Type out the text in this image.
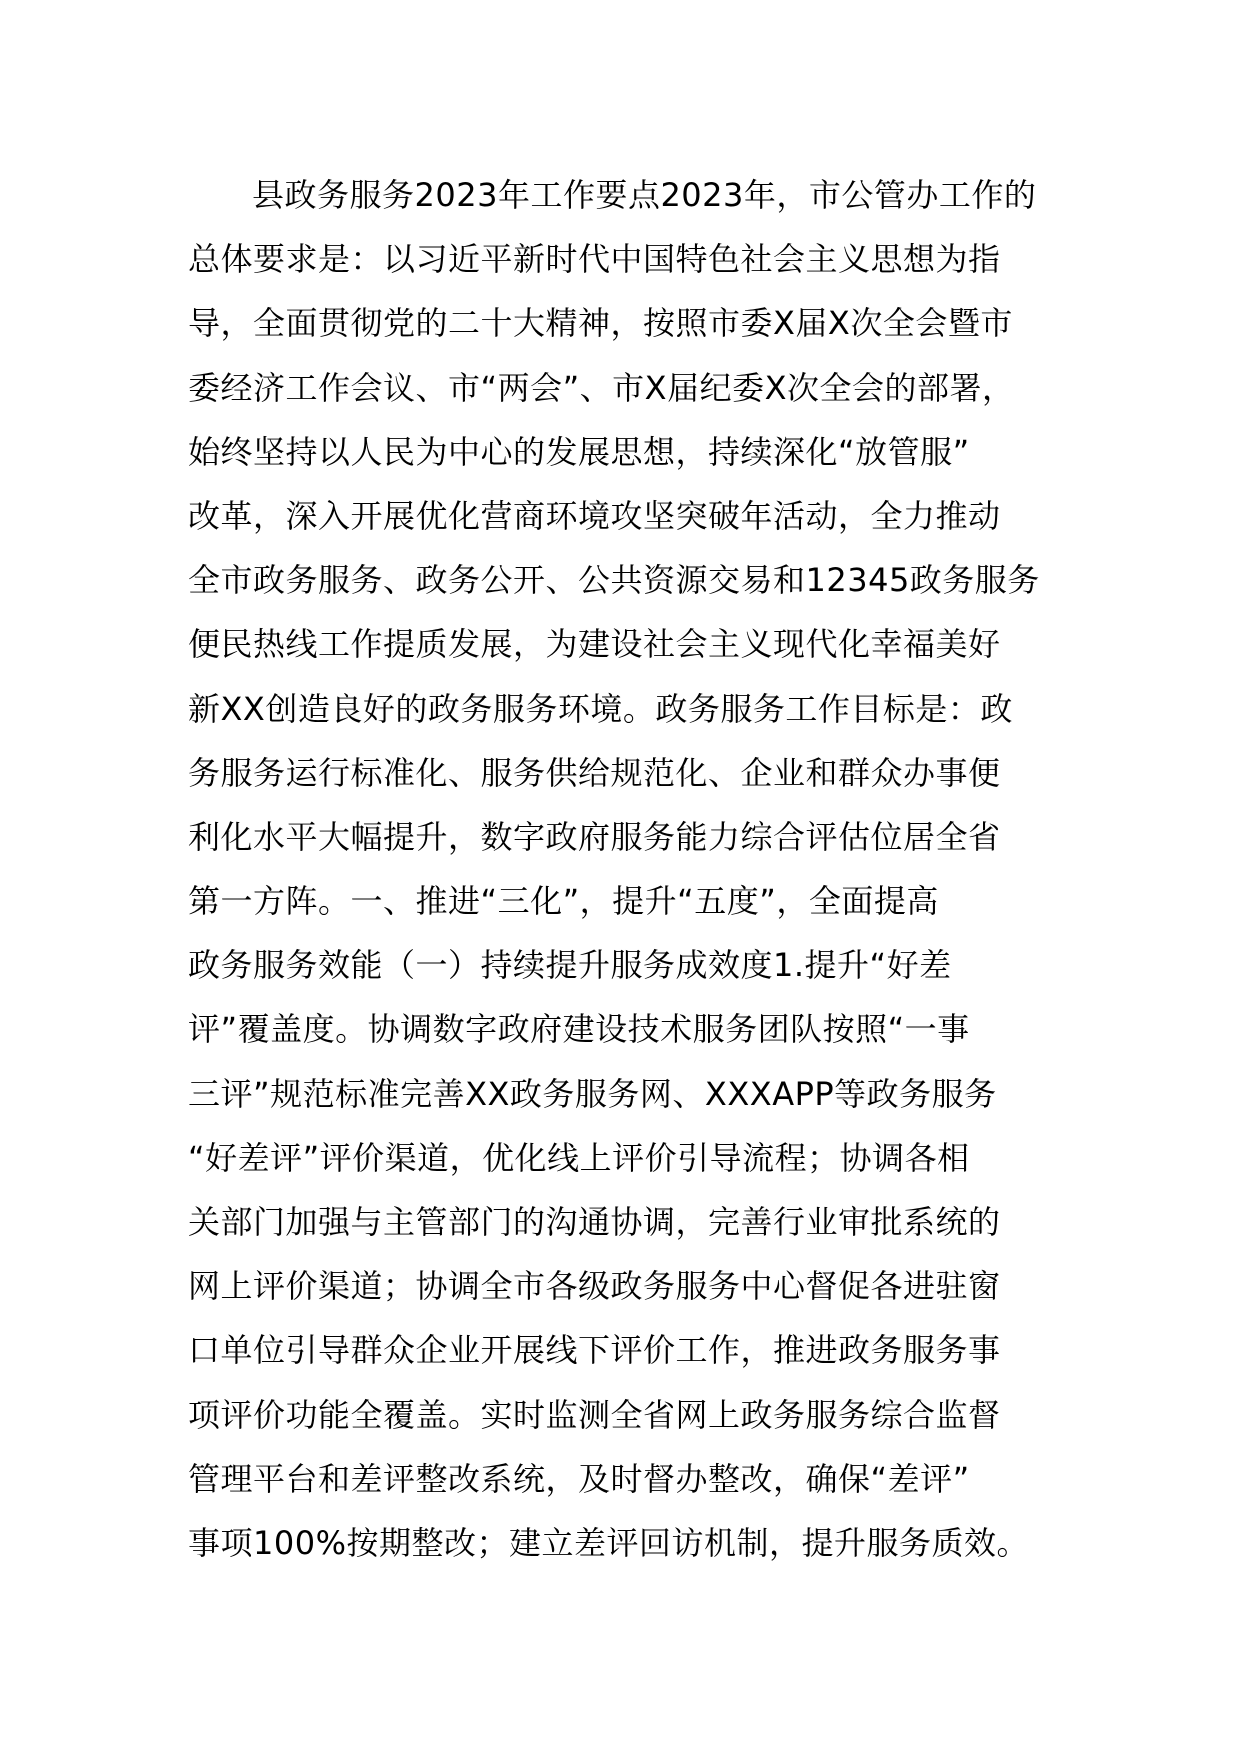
县政务服务2023年工作要点2023年，市公管办工作的
总体要求是：以习近平新时代中国特色社会主义思想为指
导，全面贯彻党的二十大精神，按照市委X届X次全会暨市
委经济工作会议、市“两会”、市X届纪委X次全会的部署，
始终坚持以人民为中心的发展思想，持续深化“放管服”
改革，深入开展优化营商环境攻坚突破年活动，全力推动
全市政务服务、政务公开、公共资源交易和12345政务服务
便民热线工作提质发展，为建设社会主义现代化幸福美好
新XX创造良好的政务服务环境。政务服务工作目标是：政
务服务运行标准化、服务供给规范化、企业和群众办事便
利化水平大幅提升，数字政府服务能力综合评估位居全省
第一方阵。一、推进“三化”，提升“五度”，全面提高
政务服务效能（一）持续提升服务成效度1.提升“好差
评”覆盖度。协调数字政府建设技术服务团队按照“一事
三评”规范标准完善XX政务服务网、XXXAPP等政务服务
“好差评”评价渠道，优化线上评价引导流程；协调各相
关部门加强与主管部门的沟通协调，完善行业审批系统的
网上评价渠道；协调全市各级政务服务中心督促各进驻窗
口单位引导群众企业开展线下评价工作，推进政务服务事
项评价功能全覆盖。实时监测全省网上政务服务综合监督
管理平台和差评整改系统，及时督办整改，确保“差评”
事项100%按期整改；建立差评回访机制，提升服务质效。
